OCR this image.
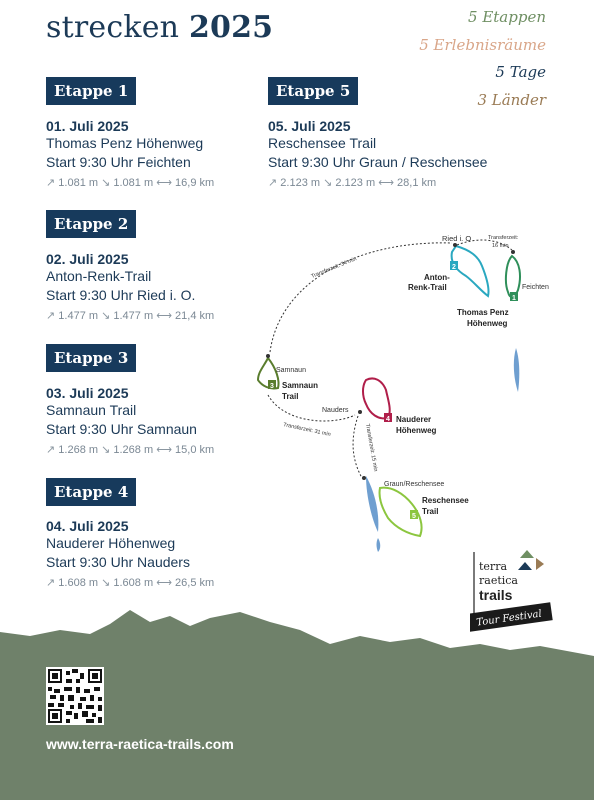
strecken 2025	5 Etappen
5 Erlebnisräume
5 Tage
3 Länder
Etappe 1
01. Juli 2025
Thomas Penz Höhenweg
Start 9:30 Uhr Feichten
↗ 1.081 m ↘ 1.081 m ⟷ 16,9 km
Etappe 2
02. Juli 2025
Anton-Renk-Trail
Start 9:30 Uhr Ried i. O.
↗ 1.477 m ↘ 1.477 m ⟷ 21,4 km
Etappe 3
03. Juli 2025
Samnaun Trail
Start 9:30 Uhr Samnaun
↗ 1.268 m ↘ 1.268 m ⟷ 15,0 km
Etappe 4
04. Juli 2025
Nauderer Höhenweg
Start 9:30 Uhr Nauders
↗ 1.608 m ↘ 1.608 m ⟷ 26,5 km
Etappe 5
05. Juli 2025
Reschensee Trail
Start 9:30 Uhr Graun / Reschensee
↗ 2.123 m ↘ 2.123 m ⟷ 28,1 km
1
2
3
4
5
Ried i. O
Feichten
Samnaun
Nauders
Graun/Reschensee
Anton-
Renk-Trail
Thomas Penz
Höhenweg
Samnaun
Trail
Nauderer
Höhenweg
Reschensee
Trail
Transferzeit:
16 min
Transferzeit: 34 min
Transferzeit: 31 min	Transferzeit: 15 min
www.terra-raetica-trails.com
terra
raetica
trails
Tour Festival
